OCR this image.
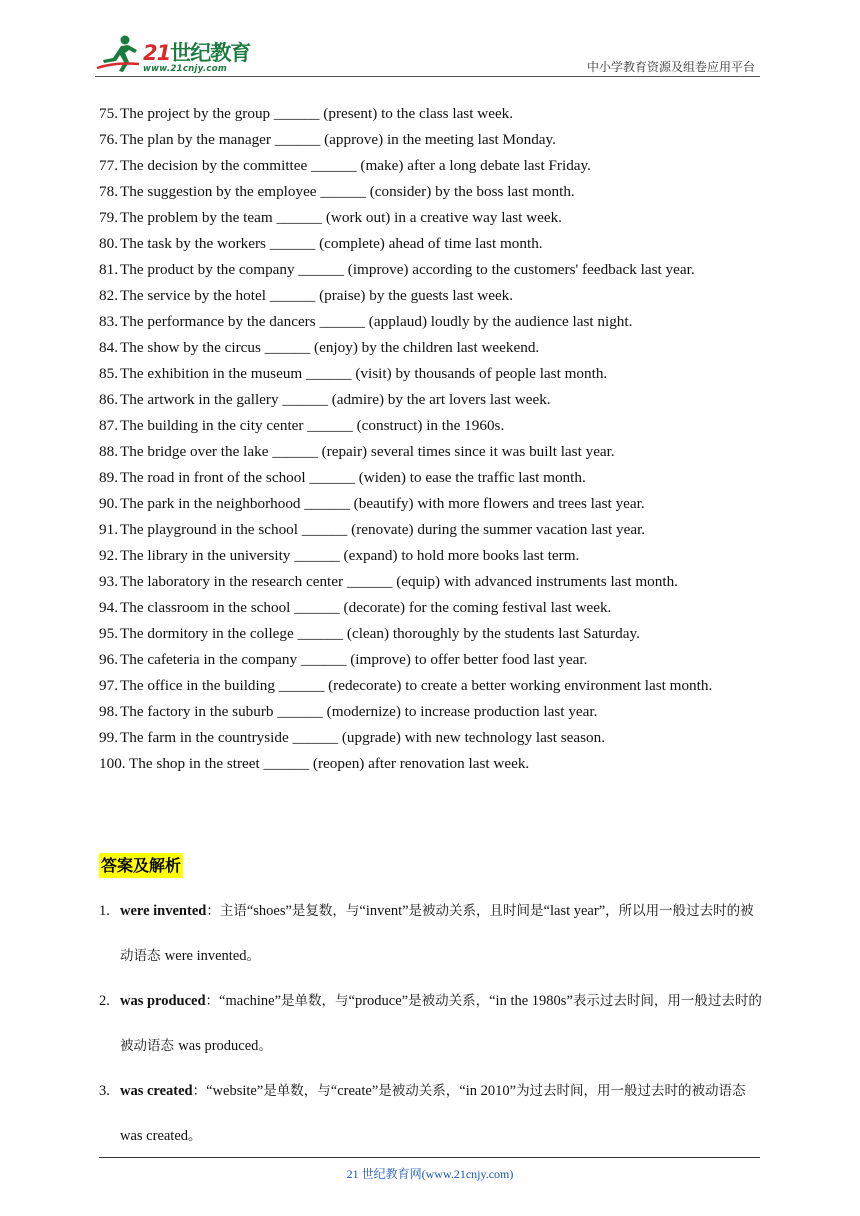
21世纪教育
www.21cnjy.com	中小学教育资源及组卷应用平台
75. The project by the group ______ (present) to the class last week.
76. The plan by the manager ______ (approve) in the meeting last Monday.
77. The decision by the committee ______ (make) after a long debate last Friday.
78. The suggestion by the employee ______ (consider) by the boss last month.
79. The problem by the team ______ (work out) in a creative way last week.
80. The task by the workers ______ (complete) ahead of time last month.
81. The product by the company ______ (improve) according to the customers' feedback last year.
82. The service by the hotel ______ (praise) by the guests last week.
83. The performance by the dancers ______ (applaud) loudly by the audience last night.
84. The show by the circus ______ (enjoy) by the children last weekend.
85. The exhibition in the museum ______ (visit) by thousands of people last month.
86. The artwork in the gallery ______ (admire) by the art lovers last week.
87. The building in the city center ______ (construct) in the 1960s.
88. The bridge over the lake ______ (repair) several times since it was built last year.
89. The road in front of the school ______ (widen) to ease the traffic last month.
90. The park in the neighborhood ______ (beautify) with more flowers and trees last year.
91. The playground in the school ______ (renovate) during the summer vacation last year.
92. The library in the university ______ (expand) to hold more books last term.
93. The laboratory in the research center ______ (equip) with advanced instruments last month.
94. The classroom in the school ______ (decorate) for the coming festival last week.
95. The dormitory in the college ______ (clean) thoroughly by the students last Saturday.
96. The cafeteria in the company ______ (improve) to offer better food last year.
97. The office in the building ______ (redecorate) to create a better working environment last month.
98. The factory in the suburb ______ (modernize) to increase production last year.
99. The farm in the countryside ______ (upgrade) with new technology last season.
100. The shop in the street ______ (reopen) after renovation last week.
答案及解析
1. were invented：主语“shoes”是复数，与“invent”是被动关系，且时间是“last year”，所以用一般过去时的被动语态 were invented。
2. was produced：“machine”是单数，与“produce”是被动关系，“in the 1980s”表示过去时间，用一般过去时的被动语态 was produced。
3. was created：“website”是单数，与“create”是被动关系，“in 2010”为过去时间，用一般过去时的被动语态 was created。
21 世纪教育网(www.21cnjy.com)
